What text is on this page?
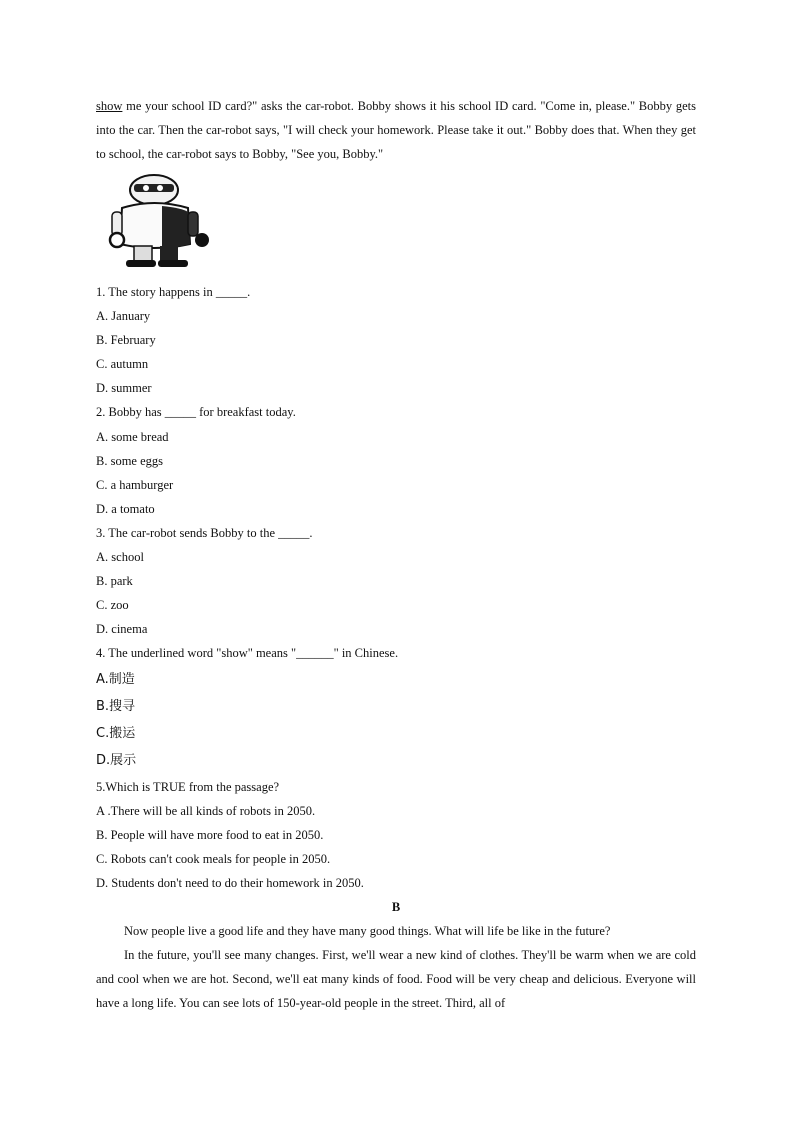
show me your school ID card?" asks the car-robot. Bobby shows it his school ID card. "Come in, please." Bobby gets into the car. Then the car-robot says, "I will check your homework. Please take it out." Bobby does that. When they get to school, the car-robot says to Bobby, "See you, Bobby."

1. The story happens in _____.
A. January
B. February
C. autumn
D. summer
2. Bobby has _____ for breakfast today.
A. some bread
B. some eggs
C. a hamburger
D. a tomato
3. The car-robot sends Bobby to the _____.
A. school
B. park
C. zoo
D. cinema
4. The underlined word "show" means "______" in Chinese.
A.制造
B.搜寻
C.搬运
D.展示
5.Which is TRUE from the passage?
A .There will be all kinds of robots in 2050.
B. People will have more food to eat in 2050.
C. Robots can't cook meals for people in 2050.
D. Students don't need to do their homework in 2050.
B

Now people live a good life and they have many good things. What will life be like in the future?

In the future, you'll see many changes. First, we'll wear a new kind of clothes. They'll be warm when we are cold and cool when we are hot. Second, we'll eat many kinds of food. Food will be very cheap and delicious. Everyone will have a long life. You can see lots of 150-year-old people in the street. Third, all of
